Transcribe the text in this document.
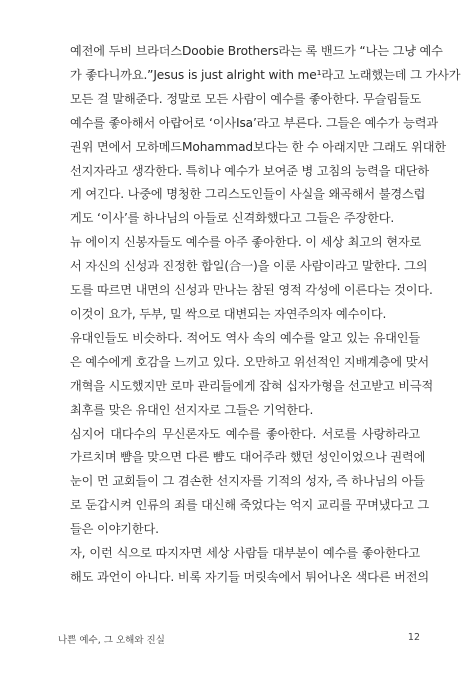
예전에 두비 브라더스Doobie Brothers라는 록 밴드가 “나는 그냥 예수
가 좋다니까요.”Jesus is just alright with me¹라고 노래했는데 그 가사가
모든 걸 말해준다. 정말로 모든 사람이 예수를 좋아한다. 무슬림들도
예수를 좋아해서 아랍어로 ‘이사Isa’라고 부른다. 그들은 예수가 능력과
권위 면에서 모하메드Mohammad보다는 한 수 아래지만 그래도 위대한
선지자라고 생각한다. 특히나 예수가 보여준 병 고침의 능력을 대단하
게 여긴다. 나중에 명청한 그리스도인들이 사실을 왜곡해서 불경스럽
게도 ‘이사’를 하나님의 아들로 신격화했다고 그들은 주장한다.

뉴 에이지 신봉자들도 예수를 아주 좋아한다. 이 세상 최고의 현자로
서 자신의 신성과 진정한 합일(合一)을 이룬 사람이라고 말한다. 그의
도를 따르면 내면의 신성과 만나는 참된 영적 각성에 이른다는 것이다.
이것이 요가, 두부, 밀 싹으로 대변되는 자연주의자 예수이다.

유대인들도 비슷하다. 적어도 역사 속의 예수를 알고 있는 유대인들
은 예수에게 호감을 느끼고 있다. 오만하고 위선적인 지배계층에 맞서
개혁을 시도했지만 로마 관리들에게 잡혀 십자가형을 선고받고 비극적
최후를 맞은 유대인 선지자로 그들은 기억한다.

심지어 대다수의 무신론자도 예수를 좋아한다. 서로를 사랑하라고
가르치며 뺨을 맞으면 다른 뺨도 대어주라 했던 성인이었으나 권력에
눈이 먼 교회들이 그 겸손한 선지자를 기적의 성자, 즉 하나님의 아들
로 둔갑시켜 인류의 죄를 대신해 죽었다는 억지 교리를 꾸며냈다고 그
들은 이야기한다.

자, 이런 식으로 따지자면 세상 사람들 대부분이 예수를 좋아한다고
해도 과언이 아니다. 비록 자기들 머릿속에서 튀어나온 색다른 버전의

나쁜 예수, 그 오해와 진실	12
